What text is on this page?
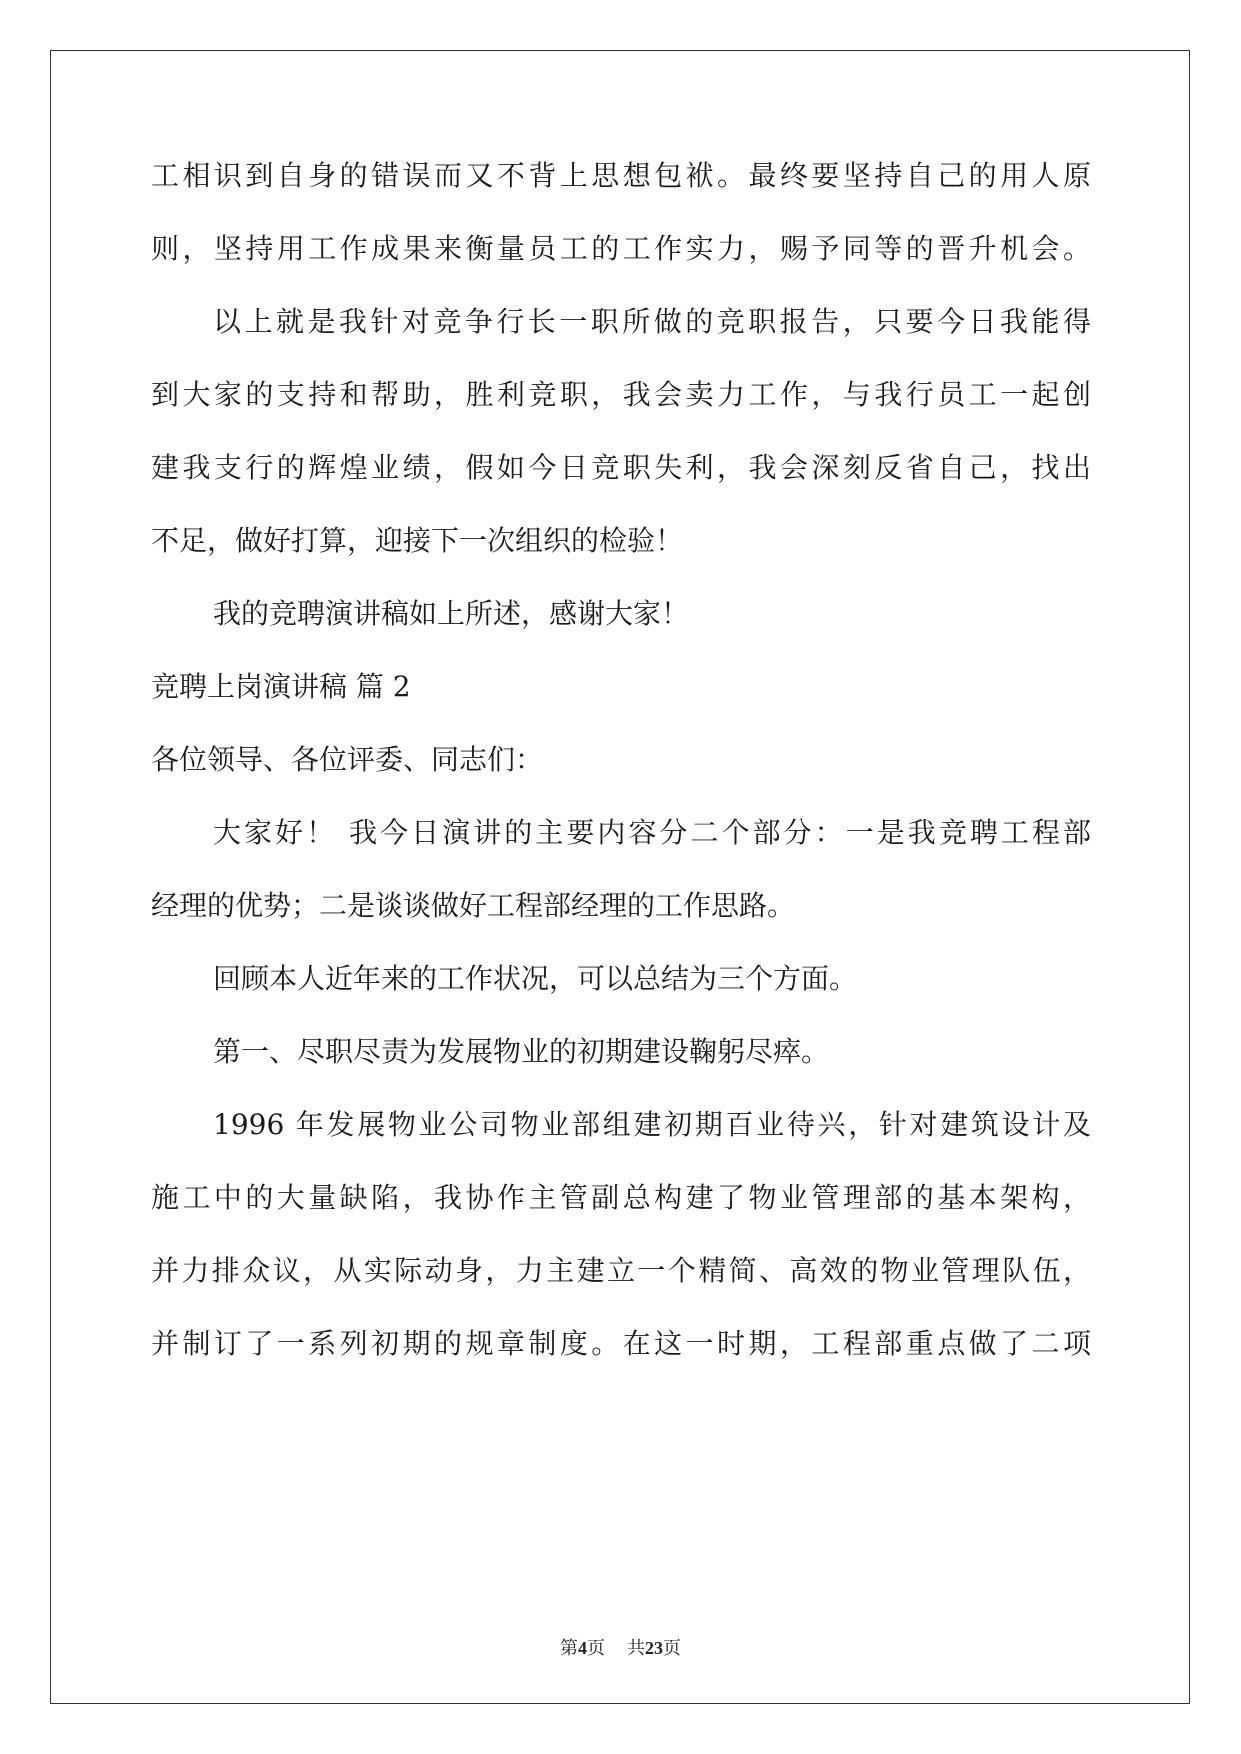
工相识到自身的错误而又不背上思想包袱。最终要坚持自己的用人原
则，坚持用工作成果来衡量员工的工作实力，赐予同等的晋升机会。
以上就是我针对竞争行长一职所做的竞职报告，只要今日我能得
到大家的支持和帮助，胜利竞职，我会卖力工作，与我行员工一起创
建我支行的辉煌业绩，假如今日竞职失利，我会深刻反省自己，找出
不足，做好打算，迎接下一次组织的检验！
我的竞聘演讲稿如上所述，感谢大家！
竞聘上岗演讲稿 篇 2
各位领导、各位评委、同志们：
大家好！ 我今日演讲的主要内容分二个部分：一是我竞聘工程部
经理的优势；二是谈谈做好工程部经理的工作思路。
回顾本人近年来的工作状况，可以总结为三个方面。
第一、尽职尽责为发展物业的初期建设鞠躬尽瘁。
1996 年发展物业公司物业部组建初期百业待兴，针对建筑设计及
施工中的大量缺陷，我协作主管副总构建了物业管理部的基本架构，
并力排众议，从实际动身，力主建立一个精简、高效的物业管理队伍，
并制订了一系列初期的规章制度。在这一时期，工程部重点做了二项
第4页 共23页
